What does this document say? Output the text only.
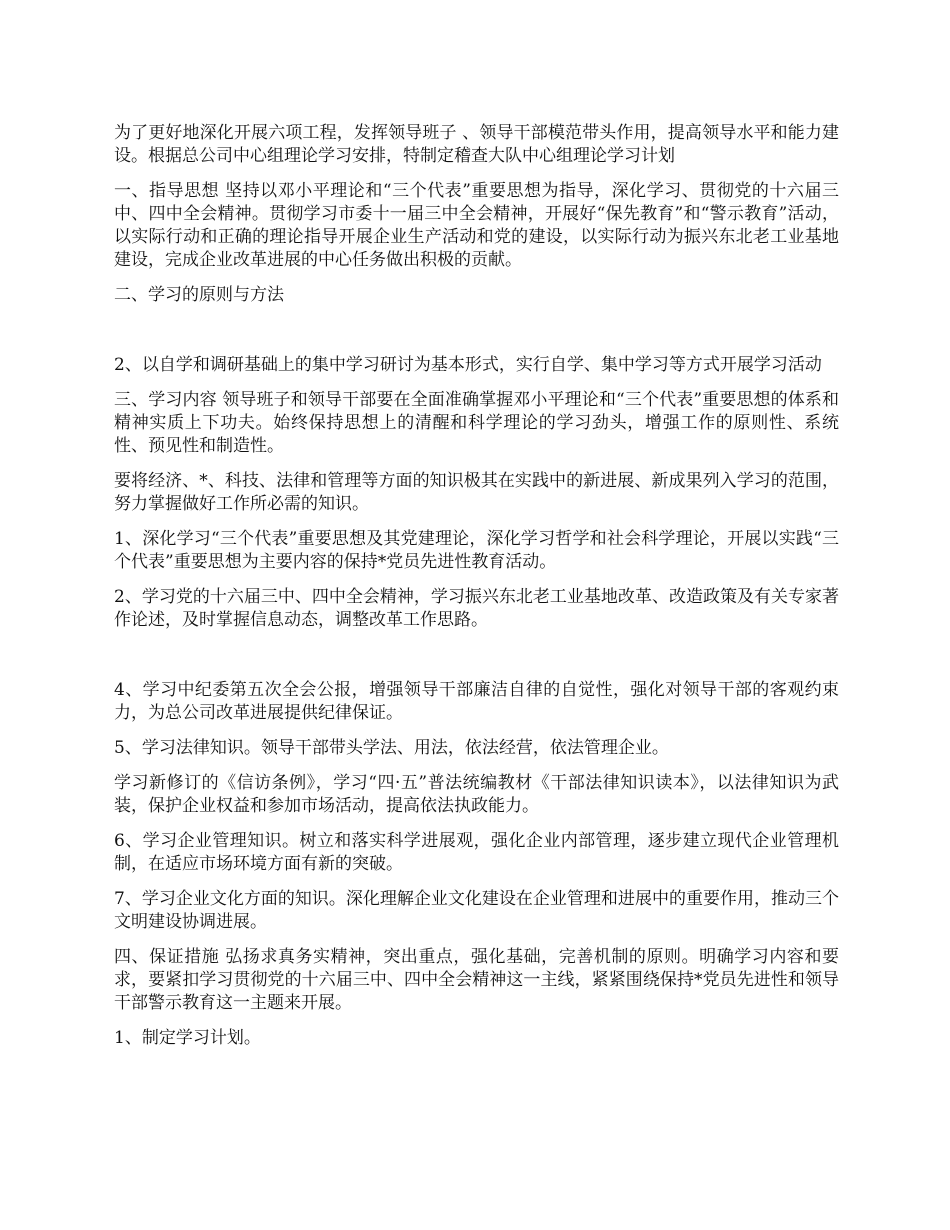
为了更好地深化开展六项工程，发挥领导班子 、领导干部模范带头作用，提高领导水平和能力建设。根据总公司中心组理论学习安排，特制定稽查大队中心组理论学习计划

一、指导思想 坚持以邓小平理论和“三个代表”重要思想为指导，深化学习、贯彻党的十六届三中、四中全会精神。贯彻学习市委十一届三中全会精神，开展好“保先教育”和“警示教育”活动，以实际行动和正确的理论指导开展企业生产活动和党的建设，以实际行动为振兴东北老工业基地建设，完成企业改革进展的中心任务做出积极的贡献。

二、学习的原则与方法

2、以自学和调研基础上的集中学习研讨为基本形式，实行自学、集中学习等方式开展学习活动

三、学习内容 领导班子和领导干部要在全面准确掌握邓小平理论和“三个代表”重要思想的体系和精神实质上下功夫。始终保持思想上的清醒和科学理论的学习劲头，增强工作的原则性、系统性、预见性和制造性。

要将经济、*、科技、法律和管理等方面的知识极其在实践中的新进展、新成果列入学习的范围，努力掌握做好工作所必需的知识。

1、深化学习“三个代表”重要思想及其党建理论，深化学习哲学和社会科学理论，开展以实践“三个代表”重要思想为主要内容的保持*党员先进性教育活动。

2、学习党的十六届三中、四中全会精神，学习振兴东北老工业基地改革、改造政策及有关专家著作论述，及时掌握信息动态，调整改革工作思路。

4、学习中纪委第五次全会公报，增强领导干部廉洁自律的自觉性，强化对领导干部的客观约束力，为总公司改革进展提供纪律保证。

5、学习法律知识。领导干部带头学法、用法，依法经营，依法管理企业。

学习新修订的《信访条例》，学习“四·五”普法统编教材《干部法律知识读本》，以法律知识为武装，保护企业权益和参加市场活动，提高依法执政能力。

6、学习企业管理知识。树立和落实科学进展观，强化企业内部管理，逐步建立现代企业管理机制，在适应市场环境方面有新的突破。

7、学习企业文化方面的知识。深化理解企业文化建设在企业管理和进展中的重要作用，推动三个文明建设协调进展。

四、保证措施 弘扬求真务实精神，突出重点，强化基础，完善机制的原则。明确学习内容和要求，要紧扣学习贯彻党的十六届三中、四中全会精神这一主线，紧紧围绕保持*党员先进性和领导干部警示教育这一主题来开展。

1、制定学习计划。
